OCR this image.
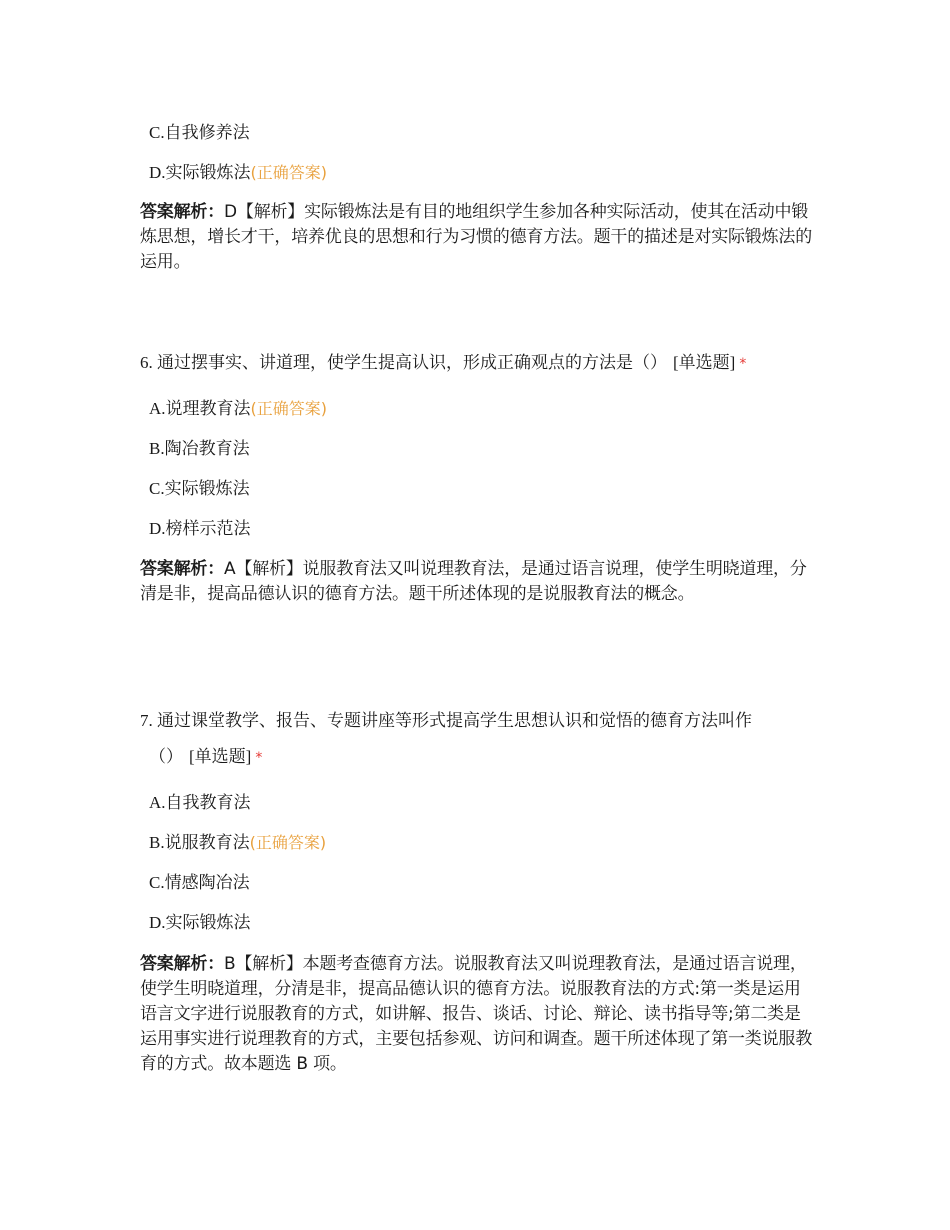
C.自我修养法
D.实际锻炼法(正确答案)
答案解析：D【解析】实际锻炼法是有目的地组织学生参加各种实际活动，使其在活动中锻炼思想，增长才干，培养优良的思想和行为习惯的德育方法。题干的描述是对实际锻炼法的运用。
6. 通过摆事实、讲道理，使学生提高认识，形成正确观点的方法是（） [单选题] *
A.说理教育法(正确答案)
B.陶冶教育法
C.实际锻炼法
D.榜样示范法
答案解析：A【解析】说服教育法又叫说理教育法，是通过语言说理，使学生明晓道理，分清是非，提高品德认识的德育方法。题干所述体现的是说服教育法的概念。
7. 通过课堂教学、报告、专题讲座等形式提高学生思想认识和觉悟的德育方法叫作
（） [单选题] *
A.自我教育法
B.说服教育法(正确答案)
C.情感陶冶法
D.实际锻炼法
答案解析：B【解析】本题考查德育方法。说服教育法又叫说理教育法，是通过语言说理，使学生明晓道理，分清是非，提高品德认识的德育方法。说服教育法的方式:第一类是运用语言文字进行说服教育的方式，如讲解、报告、谈话、讨论、辩论、读书指导等;第二类是运用事实进行说理教育的方式，主要包括参观、访问和调查。题干所述体现了第一类说服教育的方式。故本题选 B 项。
